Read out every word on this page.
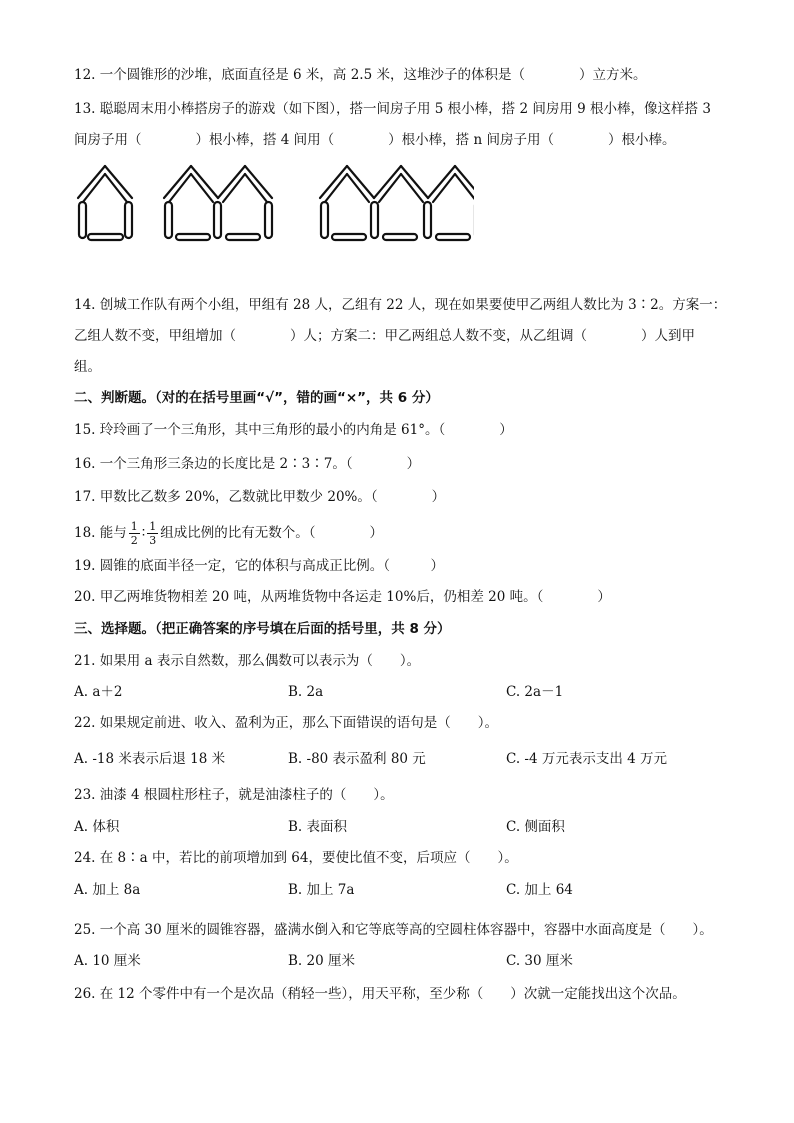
12. 一个圆锥形的沙堆，底面直径是 6 米，高 2.5 米，这堆沙子的体积是（　　　　）立方米。
13. 聪聪周末用小棒搭房子的游戏（如下图），搭一间房子用 5 根小棒，搭 2 间房用 9 根小棒，像这样搭 3
间房子用（　　　　）根小棒，搭 4 间用（　　　　）根小棒，搭 n 间房子用（　　　　）根小棒。
14. 创城工作队有两个小组，甲组有 28 人，乙组有 22 人，现在如果要使甲乙两组人数比为 3∶2。方案一：
乙组人数不变，甲组增加（　　　　）人；方案二：甲乙两组总人数不变，从乙组调（　　　　）人到甲
组。
二、判断题。（对的在括号里画“√”，错的画“×”，共 6 分）
15. 玲玲画了一个三角形，其中三角形的最小的内角是 61°。（　　　　）
16. 一个三角形三条边的长度比是 2∶3∶7。（　　　　）
17. 甲数比乙数多 20%，乙数就比甲数少 20%。（　　　　）
18. 能与 $\frac{1}{2}$ ∶ $\frac{1}{3}$ 组成比例的比有无数个。（　　　　）
19. 圆锥的底面半径一定，它的体积与高成正比例。（　　　）
20. 甲乙两堆货物相差 20 吨，从两堆货物中各运走 10%后，仍相差 20 吨。（　　　　）
三、选择题。（把正确答案的序号填在后面的括号里，共 8 分）
21. 如果用 a 表示自然数，那么偶数可以表示为（　　）。
A. a＋2	B. 2a	C. 2a－1
22. 如果规定前进、收入、盈利为正，那么下面错误的语句是（　　）。
A. -18 米表示后退 18 米	B. -80 表示盈利 80 元	C. -4 万元表示支出 4 万元
23. 油漆 4 根圆柱形柱子，就是油漆柱子的（　　）。
A. 体积	B. 表面积	C. 侧面积
24. 在 8∶a 中，若比的前项增加到 64，要使比值不变，后项应（　　）。
A. 加上 8a	B. 加上 7a	C. 加上 64
25. 一个高 30 厘米的圆锥容器，盛满水倒入和它等底等高的空圆柱体容器中，容器中水面高度是（　　）。
A. 10 厘米	B. 20 厘米	C. 30 厘米
26. 在 12 个零件中有一个是次品（稍轻一些），用天平称，至少称（　　）次就一定能找出这个次品。
